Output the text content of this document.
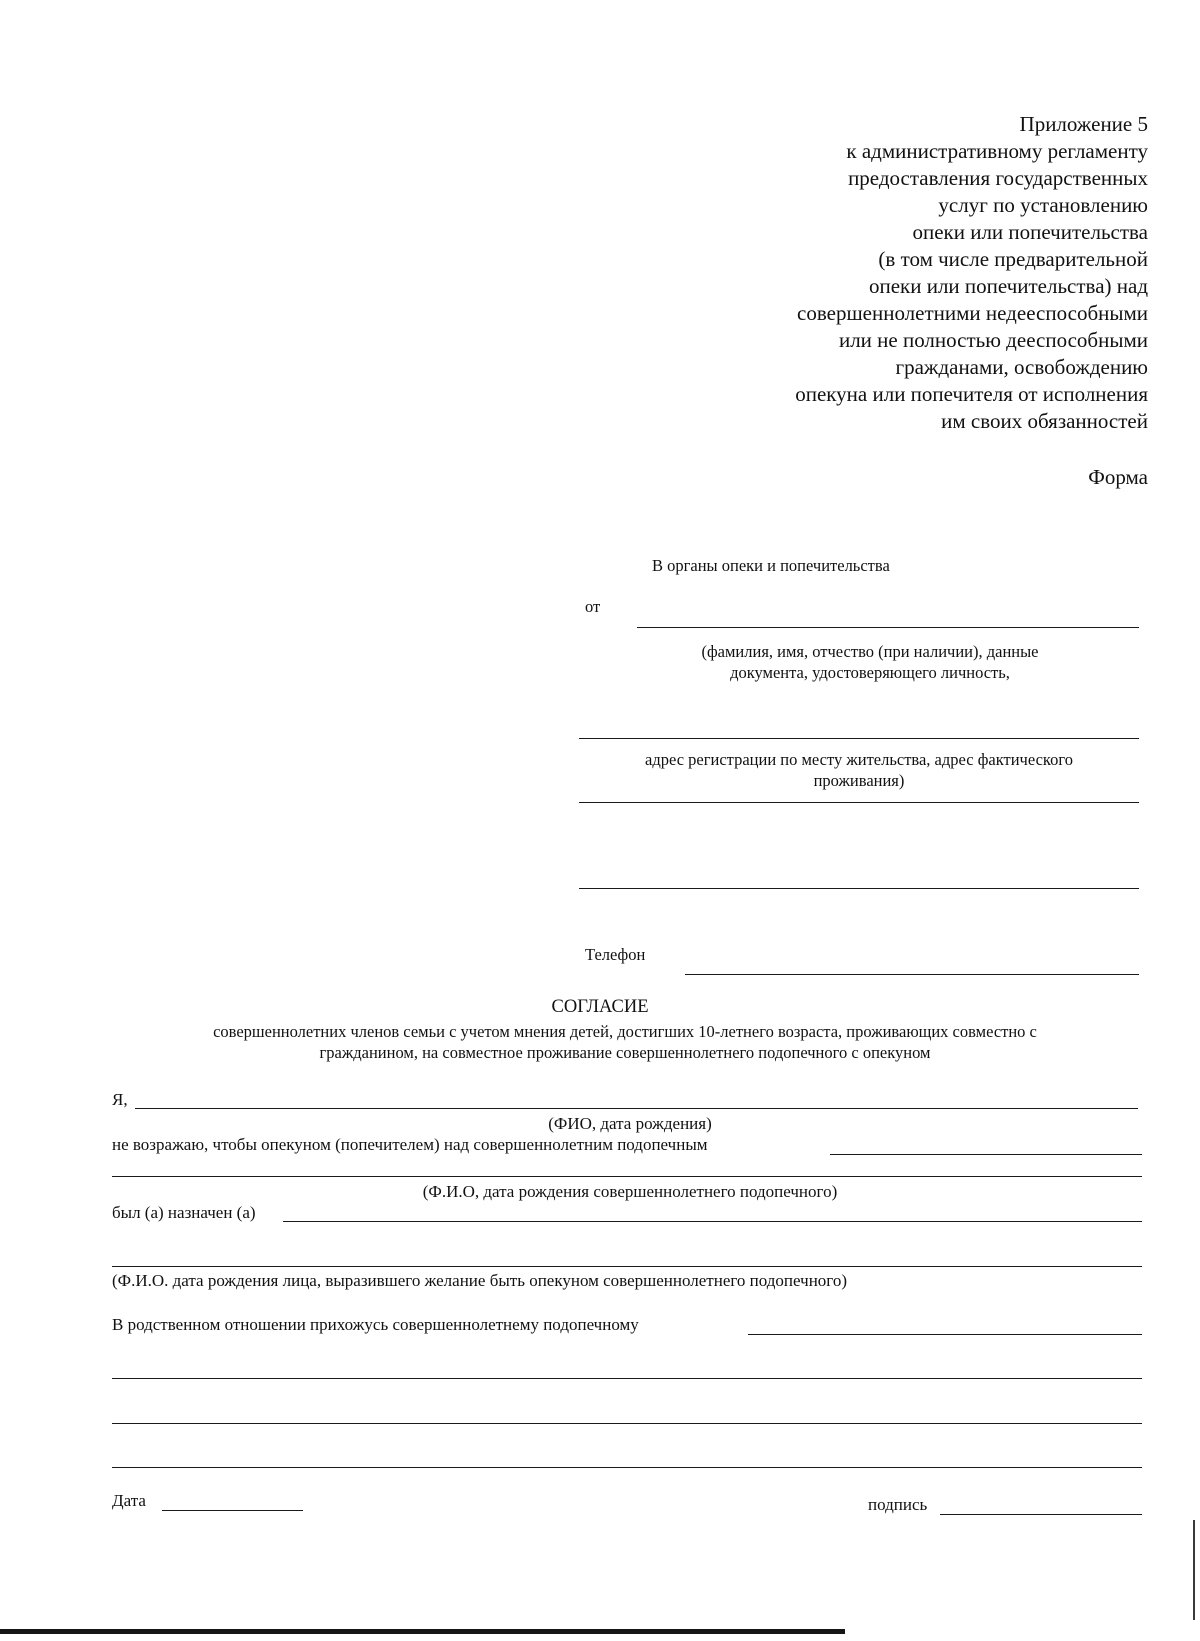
Приложение 5
к административному регламенту
предоставления государственных
услуг по установлению
опеки или попечительства
(в том числе предварительной
опеки или попечительства) над
совершеннолетними недееспособными
или не полностью дееспособными
гражданами, освобождению
опекуна или попечителя от исполнения
им своих обязанностей
Форма
В органы опеки и попечительства
от
(фамилия, имя, отчество (при наличии), данные
документа, удостоверяющего личность,
адрес регистрации по месту жительства, адрес фактического
проживания)
Телефон
СОГЛАСИЕ
совершеннолетних членов семьи с учетом мнения детей, достигших 10-летнего возраста, проживающих совместно с
гражданином, на совместное проживание совершеннолетнего подопечного с опекуном
Я,
(ФИО, дата рождения)
не возражаю, чтобы опекуном (попечителем) над совершеннолетним подопечным
(Ф.И.О, дата рождения совершеннолетнего подопечного)
был (а) назначен (а)
(Ф.И.О. дата рождения лица, выразившего желание быть опекуном совершеннолетнего подопечного)
В родственном отношении прихожусь совершеннолетнему подопечному
Дата	подпись
